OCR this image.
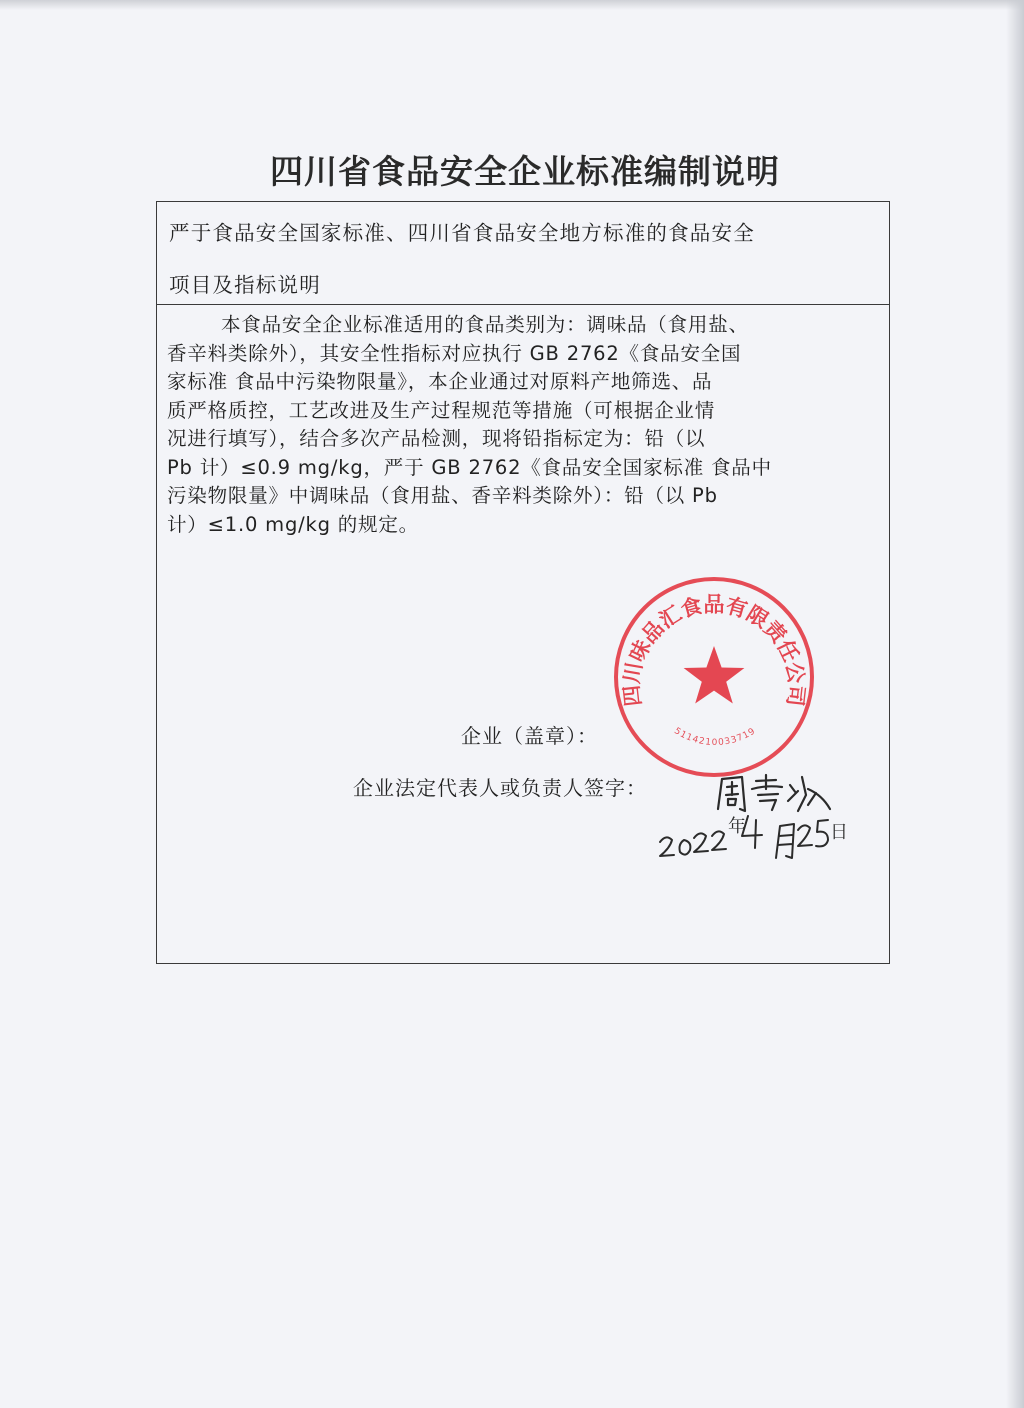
四川省食品安全企业标准编制说明
严于食品安全国家标准、四川省食品安全地方标准的食品安全
项目及指标说明
本食品安全企业标准适用的食品类别为：调味品（食用盐、
香辛料类除外），其安全性指标对应执行 GB 2762《食品安全国
家标准 食品中污染物限量》，本企业通过对原料产地筛选、品
质严格质控，工艺改进及生产过程规范等措施（可根据企业情
况进行填写），结合多次产品检测，现将铅指标定为：铅（以
Pb 计）≤0.9 mg/kg，严于 GB 2762《食品安全国家标准 食品中
污染物限量》中调味品（食用盐、香辛料类除外）：铅（以 Pb
计）≤1.0 mg/kg 的规定。
企业（盖章）：
企业法定代表人或负责人签字：
四川味品汇食品有限责任公司
5114210033719
年	日
